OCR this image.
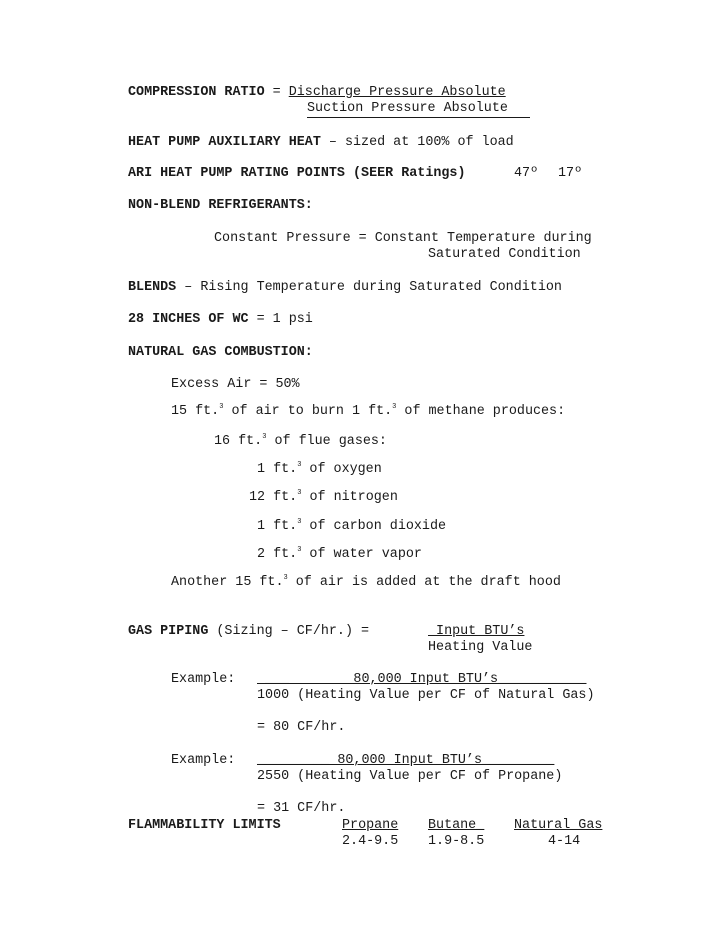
COMPRESSION RATIO = Discharge Pressure Absolute
Suction Pressure Absolute
HEAT PUMP AUXILIARY HEAT – sized at 100% of load
ARI HEAT PUMP RATING POINTS (SEER Ratings)	47º 17º
NON-BLEND REFRIGERANTS:
Constant Pressure = Constant Temperature during
Saturated Condition
BLENDS – Rising Temperature during Saturated Condition
28 INCHES OF WC = 1 psi
NATURAL GAS COMBUSTION:
Excess Air = 50%
15 ft.$^3$ of air to burn 1 ft.$^3$ of methane produces:
16 ft.$^3$ of flue gases:
1 ft.$^3$ of oxygen
12 ft.$^3$ of nitrogen
1 ft.$^3$ of carbon dioxide
2 ft.$^3$ of water vapor
Another 15 ft.$^3$ of air is added at the draft hood
GAS PIPING (Sizing – CF/hr.) =	Input BTU’s
Heating Value
Example: ___        80,000 Input BTU’s___________
1000 (Heating Value per CF of Natural Gas)
= 80 CF/hr.
Example: _________ 80,000 Input BTU’s_________
2550 (Heating Value per CF of Propane)
= 31 CF/hr.
FLAMMABILITY LIMITS	Propane Butane_ Natural Gas
2.4-9.5 1.9-8.5	4-14
